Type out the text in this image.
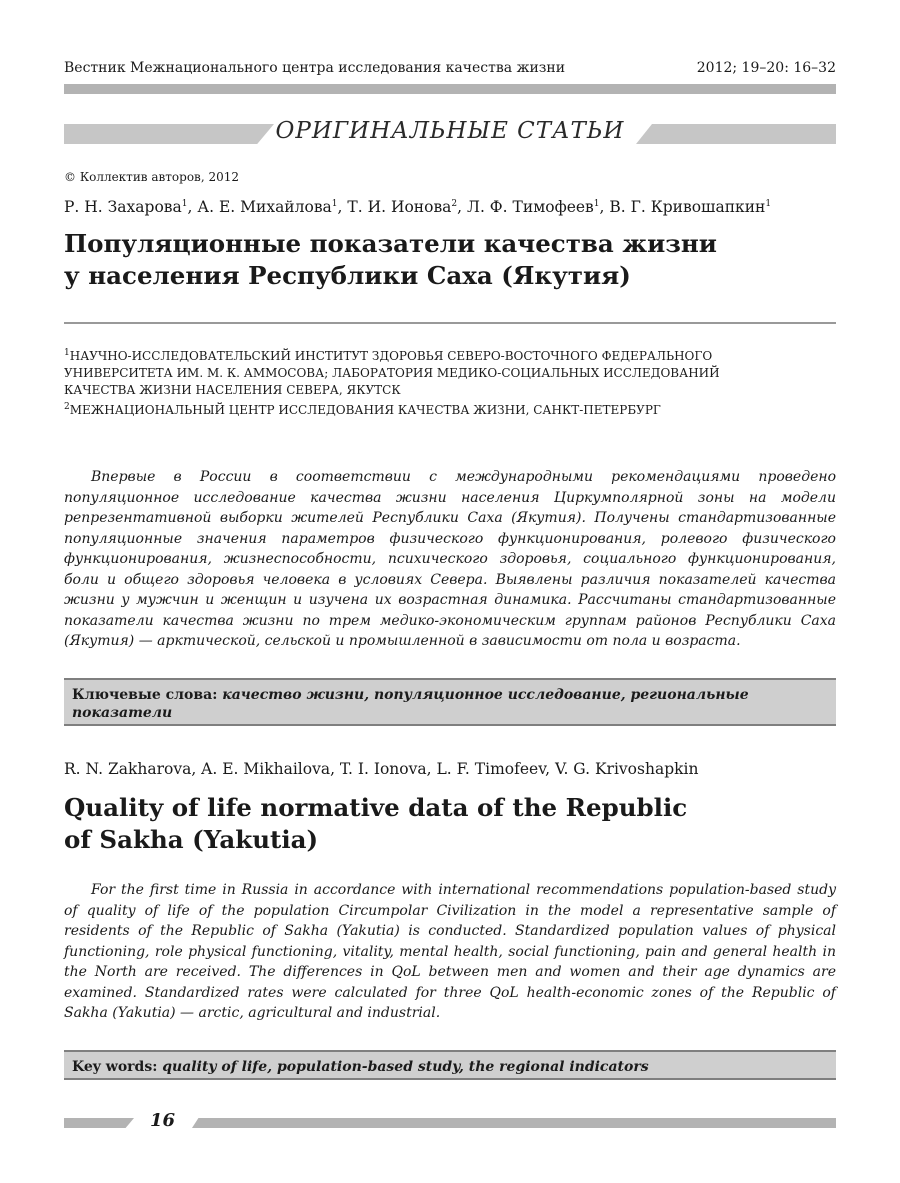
Вестник Межнационального центра исследования качества жизни	2012; 19–20: 16–32
ОРИГИНАЛЬНЫЕ СТАТЬИ
© Коллектив авторов, 2012
Р. Н. Захарова$^1$, А. Е. Михайлова$^1$, Т. И. Ионова$^2$, Л. Ф. Тимофеев$^1$, В. Г. Кривошапкин$^1$
Популяционные показатели качества жизни
у населения Республики Саха (Якутия)
$^1$НАУЧНО-ИССЛЕДОВАТЕЛЬСКИЙ ИНСТИТУТ ЗДОРОВЬЯ СЕВЕРО-ВОСТОЧНОГО ФЕДЕРАЛЬНОГО
УНИВЕРСИТЕТА ИМ. М. К. АММОСОВА; ЛАБОРАТОРИЯ МЕДИКО-СОЦИАЛЬНЫХ ИССЛЕДОВАНИЙ
КАЧЕСТВА ЖИЗНИ НАСЕЛЕНИЯ СЕВЕРА, ЯКУТСК
$^2$МЕЖНАЦИОНАЛЬНЫЙ ЦЕНТР ИССЛЕДОВАНИЯ КАЧЕСТВА ЖИЗНИ, САНКТ-ПЕТЕРБУРГ
Впервые в России в соответствии с международными рекомендациями проведено популяционное исследование качества жизни населения Циркумполярной зоны на модели репрезентативной выборки жителей Республики Саха (Якутия). Получены стандартизованные популяционные значения параметров физического функционирования, ролевого физического функционирования, жизнеспособности, психического здоровья, социального функционирования, боли и общего здоровья человека в условиях Севера. Выявлены различия показателей качества жизни у мужчин и женщин и изучена их возрастная динамика. Рассчитаны стандартизованные показатели качества жизни по трем медико-экономическим группам районов Республики Саха (Якутия) — арктической, сельской и промышленной в зависимости от пола и возраста.
Ключевые слова: качество жизни, популяционное исследование, региональные показатели
R. N. Zakharova, A. E. Mikhailova, T. I. Ionova, L. F. Timofeev, V. G. Krivoshapkin
Quality of life normative data of the Republic
of Sakha (Yakutia)
For the first time in Russia in accordance with international recommendations population-based study of quality of life of the population Circumpolar Civilization in the model a representative sample of residents of the Republic of Sakha (Yakutia) is conducted. Standardized population values of physical functioning, role physical functioning, vitality, mental health, social functioning, pain and general health in the North are received. The differences in QoL between men and women and their age dynamics are examined. Standardized rates were calculated for three QoL health-economic zones of the Republic of Sakha (Yakutia) — arctic, agricultural and industrial.
Key words: quality of life, population-based study, the regional indicators
16
